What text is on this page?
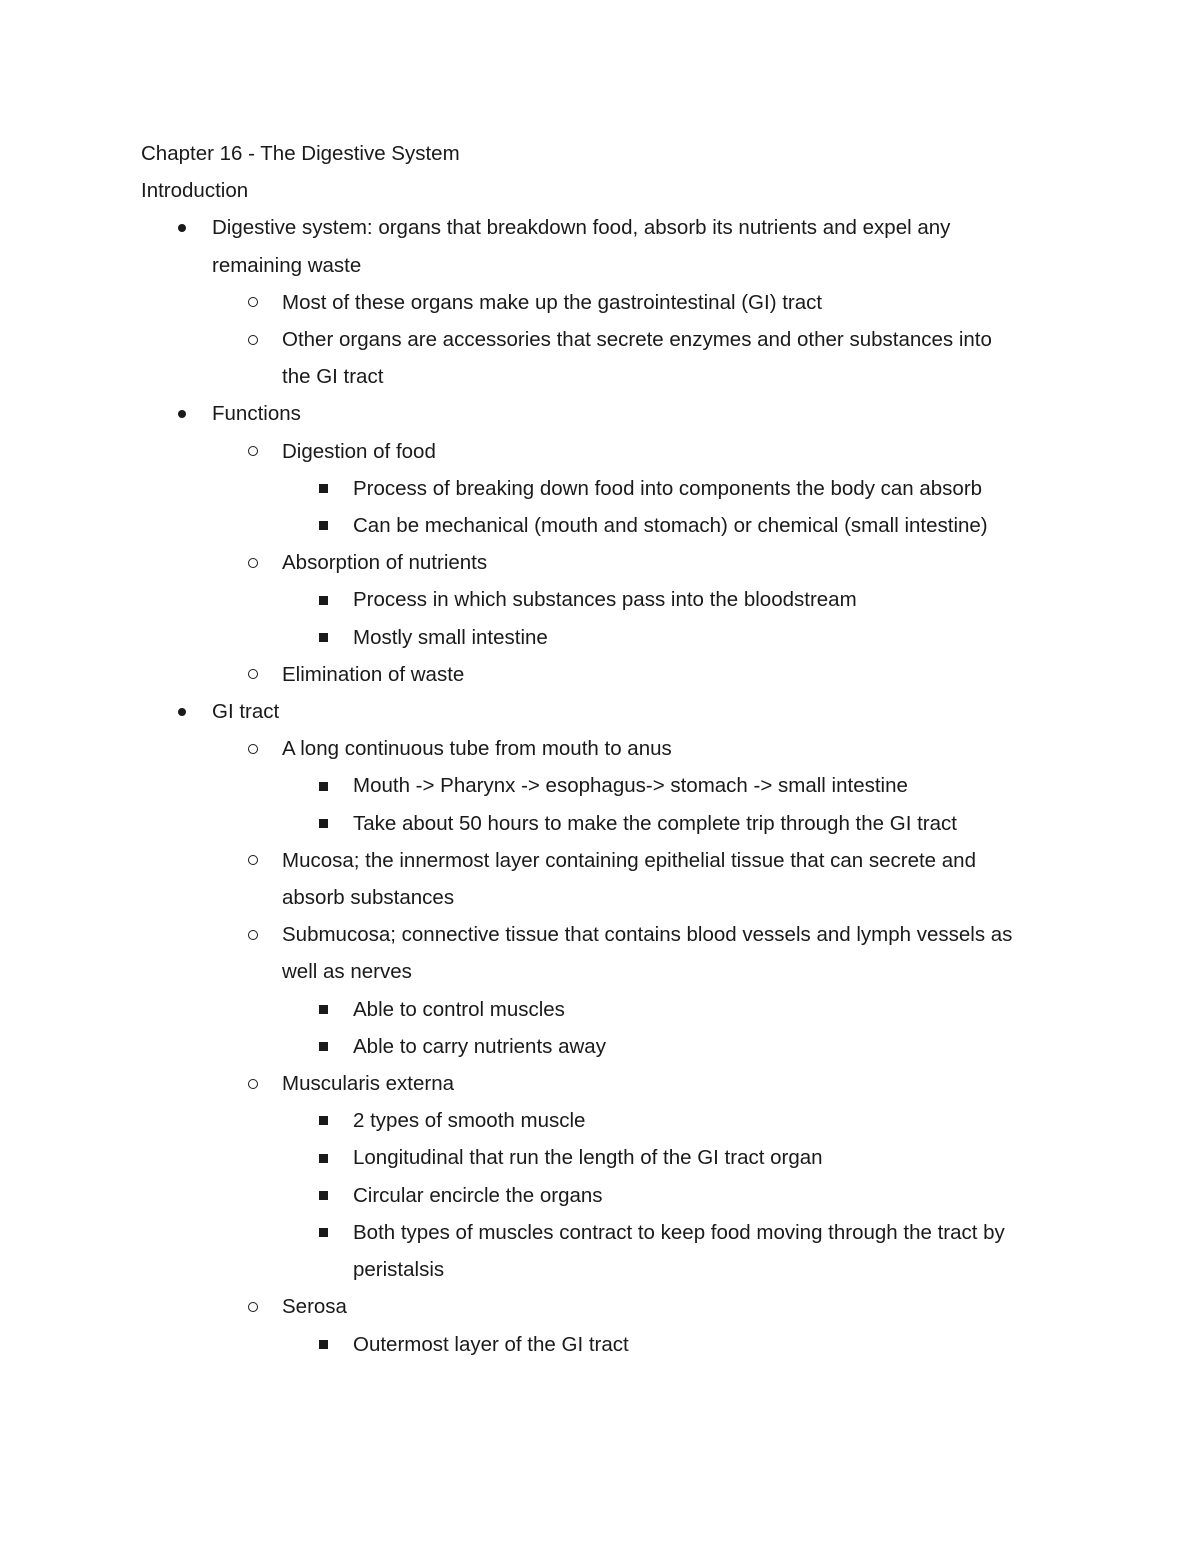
Chapter 16 - The Digestive System

Introduction

Digestive system: organs that breakdown food, absorb its nutrients and expel any
remaining waste
Most of these organs make up the gastrointestinal (GI) tract
Other organs are accessories that secrete enzymes and other substances into
the GI tract
Functions
Digestion of food
Process of breaking down food into components the body can absorb
Can be mechanical (mouth and stomach) or chemical (small intestine)
Absorption of nutrients
Process in which substances pass into the bloodstream
Mostly small intestine
Elimination of waste
GI tract
A long continuous tube from mouth to anus
Mouth -> Pharynx -> esophagus-> stomach -> small intestine
Take about 50 hours to make the complete trip through the GI tract
Mucosa; the innermost layer containing epithelial tissue that can secrete and
absorb substances
Submucosa; connective tissue that contains blood vessels and lymph vessels as
well as nerves
Able to control muscles
Able to carry nutrients away
Muscularis externa
2 types of smooth muscle
Longitudinal that run the length of the GI tract organ
Circular encircle the organs
Both types of muscles contract to keep food moving through the tract by
peristalsis
Serosa
Outermost layer of the GI tract
